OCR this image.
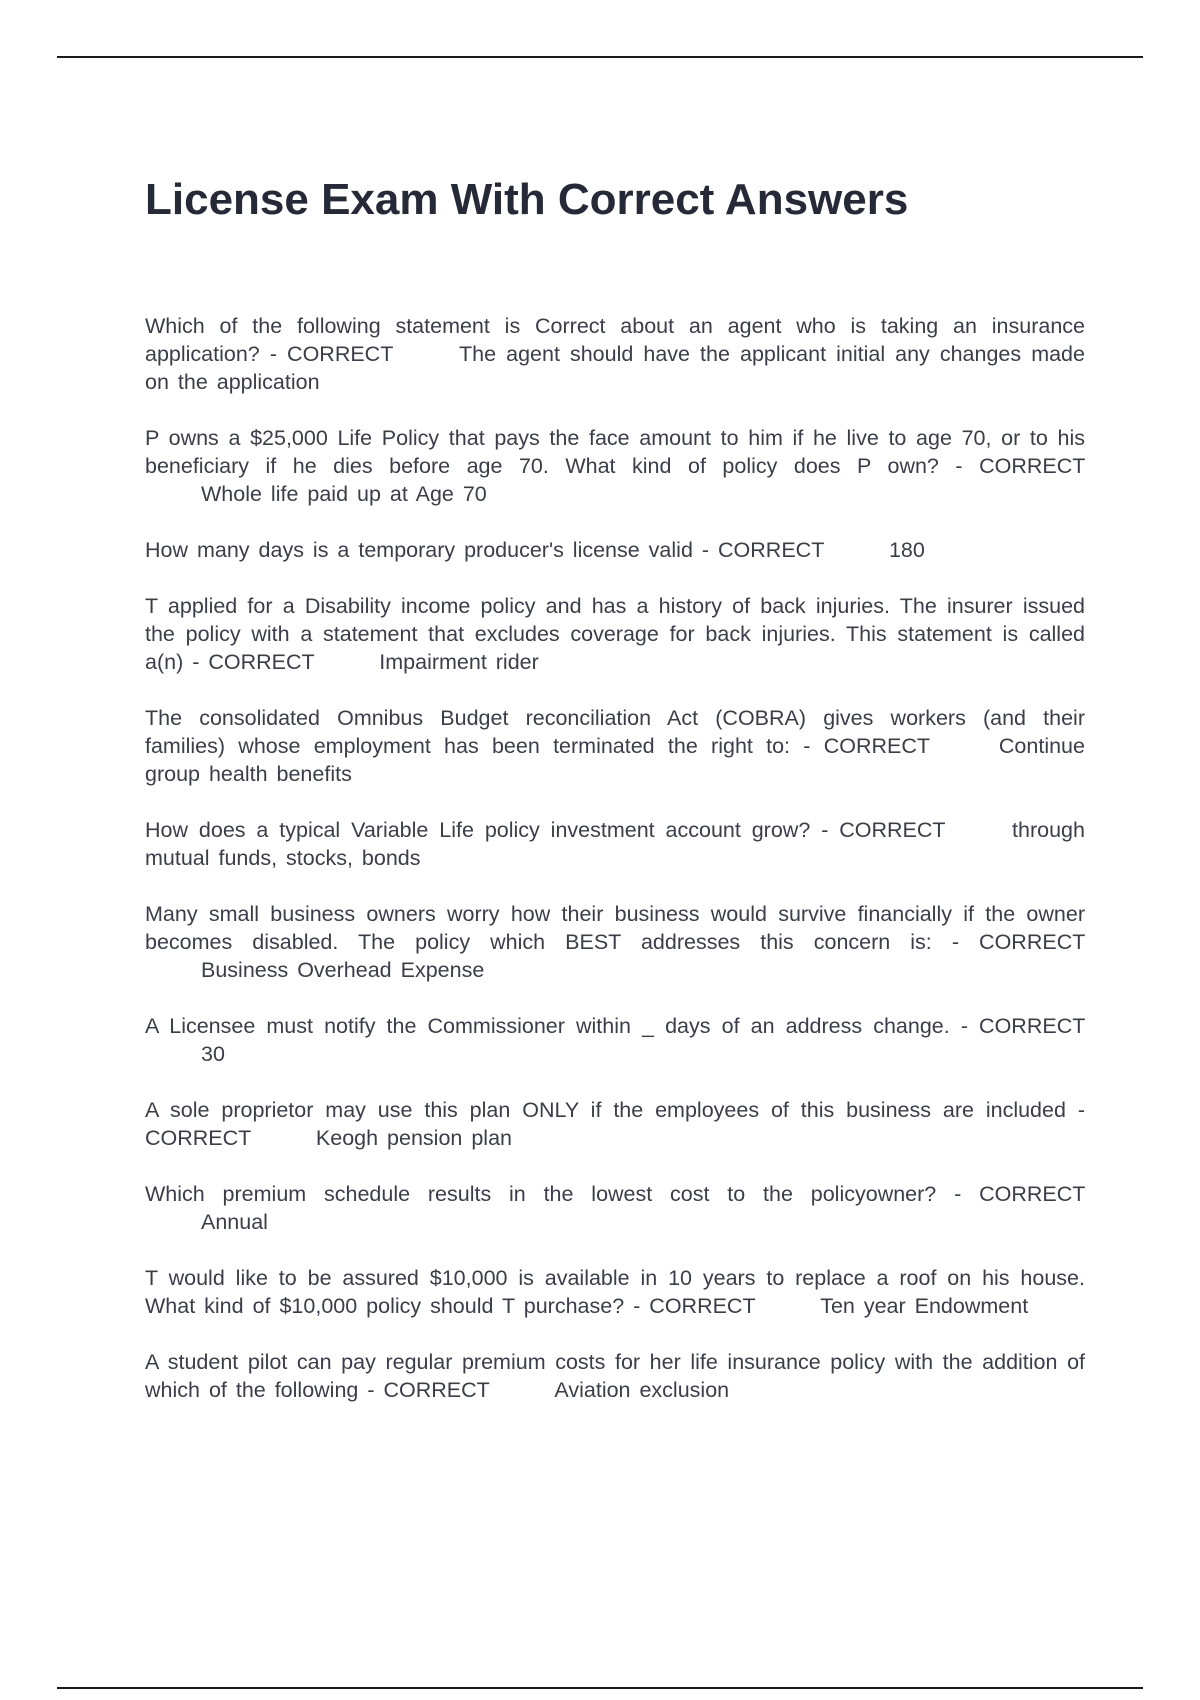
License Exam With Correct Answers
Which of the following statement is Correct about an agent who is taking an insurance application? - CORRECT	The agent should have the applicant initial any changes made on the application
P owns a $25,000 Life Policy that pays the face amount to him if he live to age 70, or to his beneficiary if he dies before age 70. What kind of policy does P own? - CORRECT Whole life paid up at Age 70
How many days is a temporary producer's license valid - CORRECT	180
T applied for a Disability income policy and has a history of back injuries. The insurer issued the policy with a statement that excludes coverage for back injuries. This statement is called a(n) - CORRECT	Impairment rider
The consolidated Omnibus Budget reconciliation Act (COBRA) gives workers (and their families) whose employment has been terminated the right to: - CORRECT	Continue group health benefits
How does a typical Variable Life policy investment account grow? - CORRECT	through mutual funds, stocks, bonds
Many small business owners worry how their business would survive financially if the owner becomes disabled. The policy which BEST addresses this concern is: - CORRECT Business Overhead Expense
A Licensee must notify the Commissioner within _ days of an address change. - CORRECT 30
A sole proprietor may use this plan ONLY if the employees of this business are included - CORRECT	Keogh pension plan
Which premium schedule results in the lowest cost to the policyowner? - CORRECT Annual
T would like to be assured $10,000 is available in 10 years to replace a roof on his house. What kind of $10,000 policy should T purchase? - CORRECT	Ten year Endowment
A student pilot can pay regular premium costs for her life insurance policy with the addition of which of the following - CORRECT	Aviation exclusion
